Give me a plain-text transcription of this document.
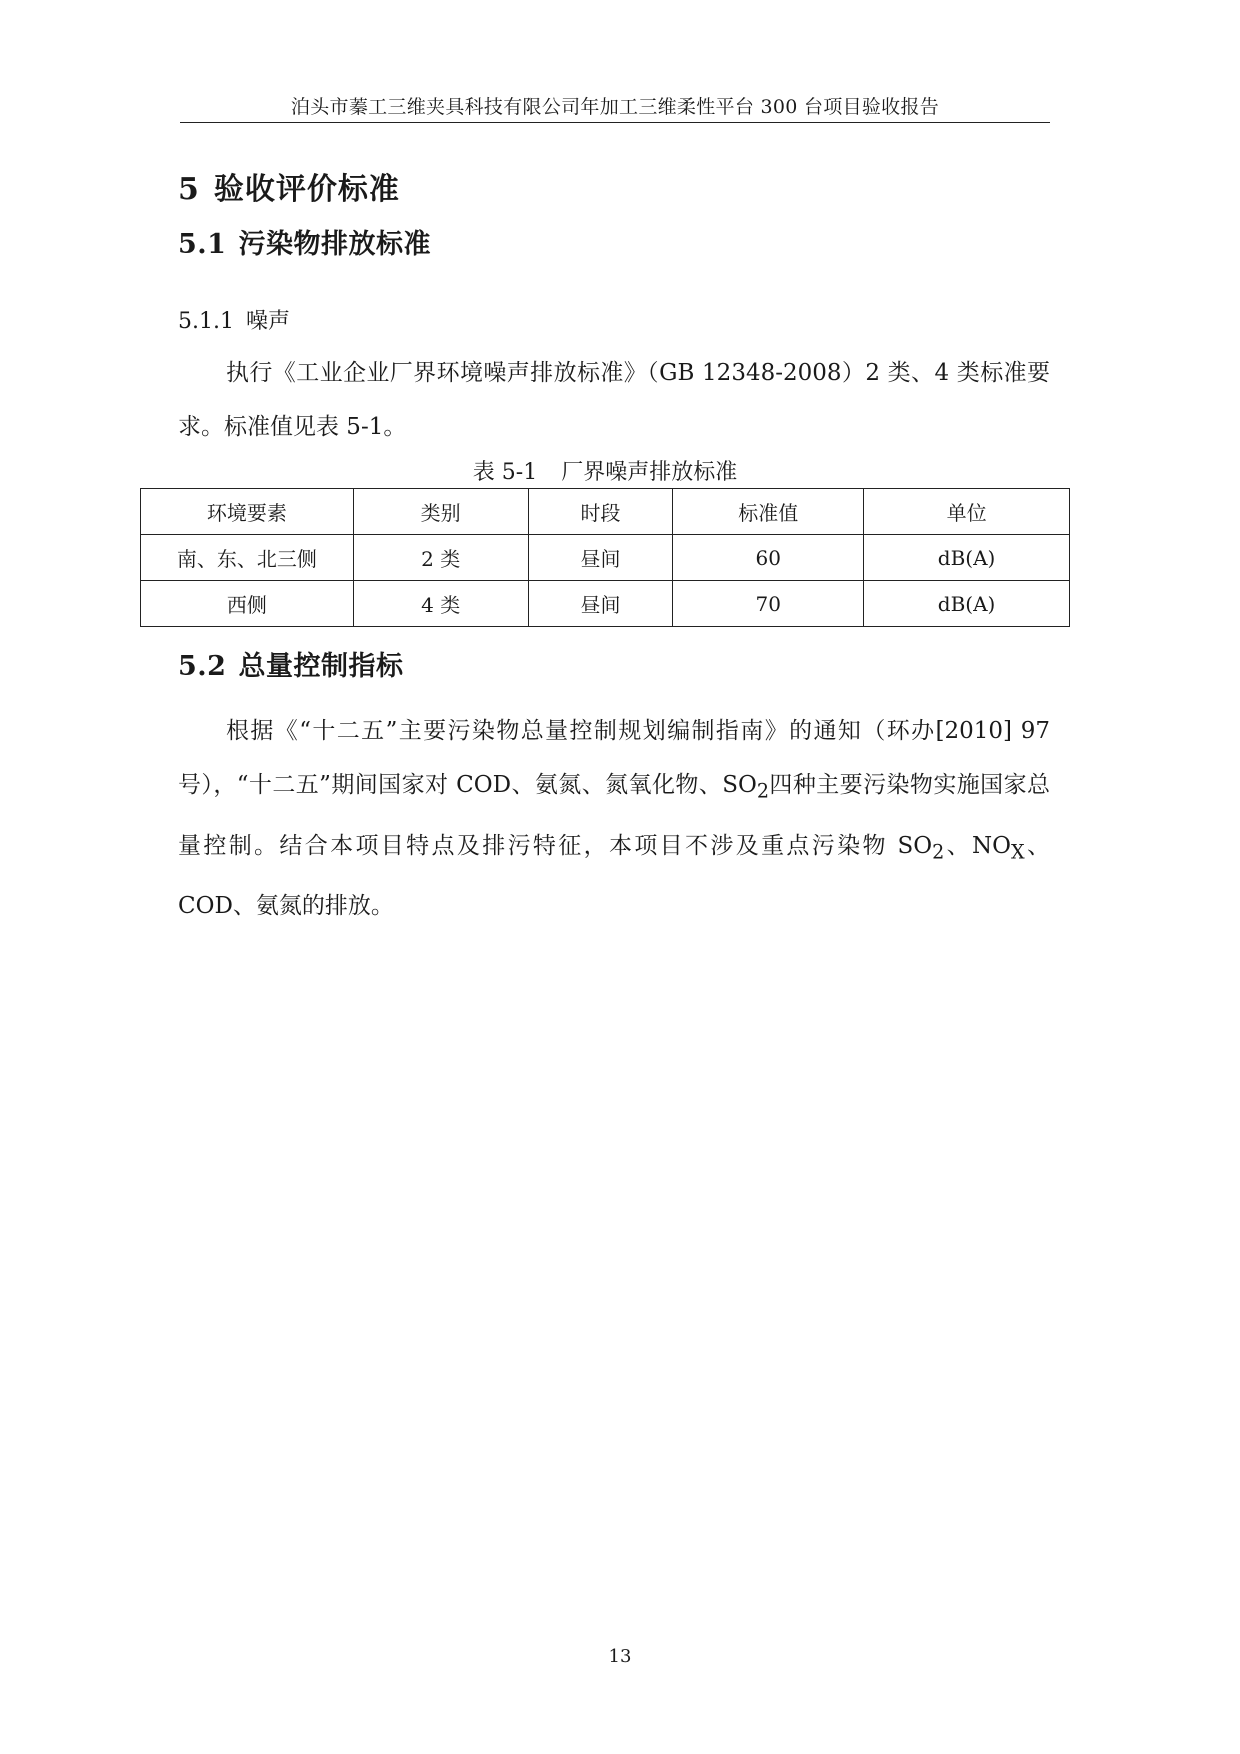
泊头市蓁工三维夹具科技有限公司年加工三维柔性平台 300 台项目验收报告
5 验收评价标准
5.1 污染物排放标准
5.1.1 噪声
执行《工业企业厂界环境噪声排放标准》（GB 12348-2008）2 类、4 类标准要求。标准值见表 5-1。
表 5-1 厂界噪声排放标准
环境要素	类别	时段	标准值	单位
南、东、北三侧	2 类	昼间	60	dB(A)
西侧	4 类	昼间	70	dB(A)
5.2 总量控制指标
根据《“十二五”主要污染物总量控制规划编制指南》的通知（环办[2010] 97 号），“十二五”期间国家对 COD、氨氮、氮氧化物、$SO_2$四种主要污染物实施国家总量控制。结合本项目特点及排污特征，本项目不涉及重点污染物 $SO_2$、$NO_X$、COD、氨氮的排放。
13
